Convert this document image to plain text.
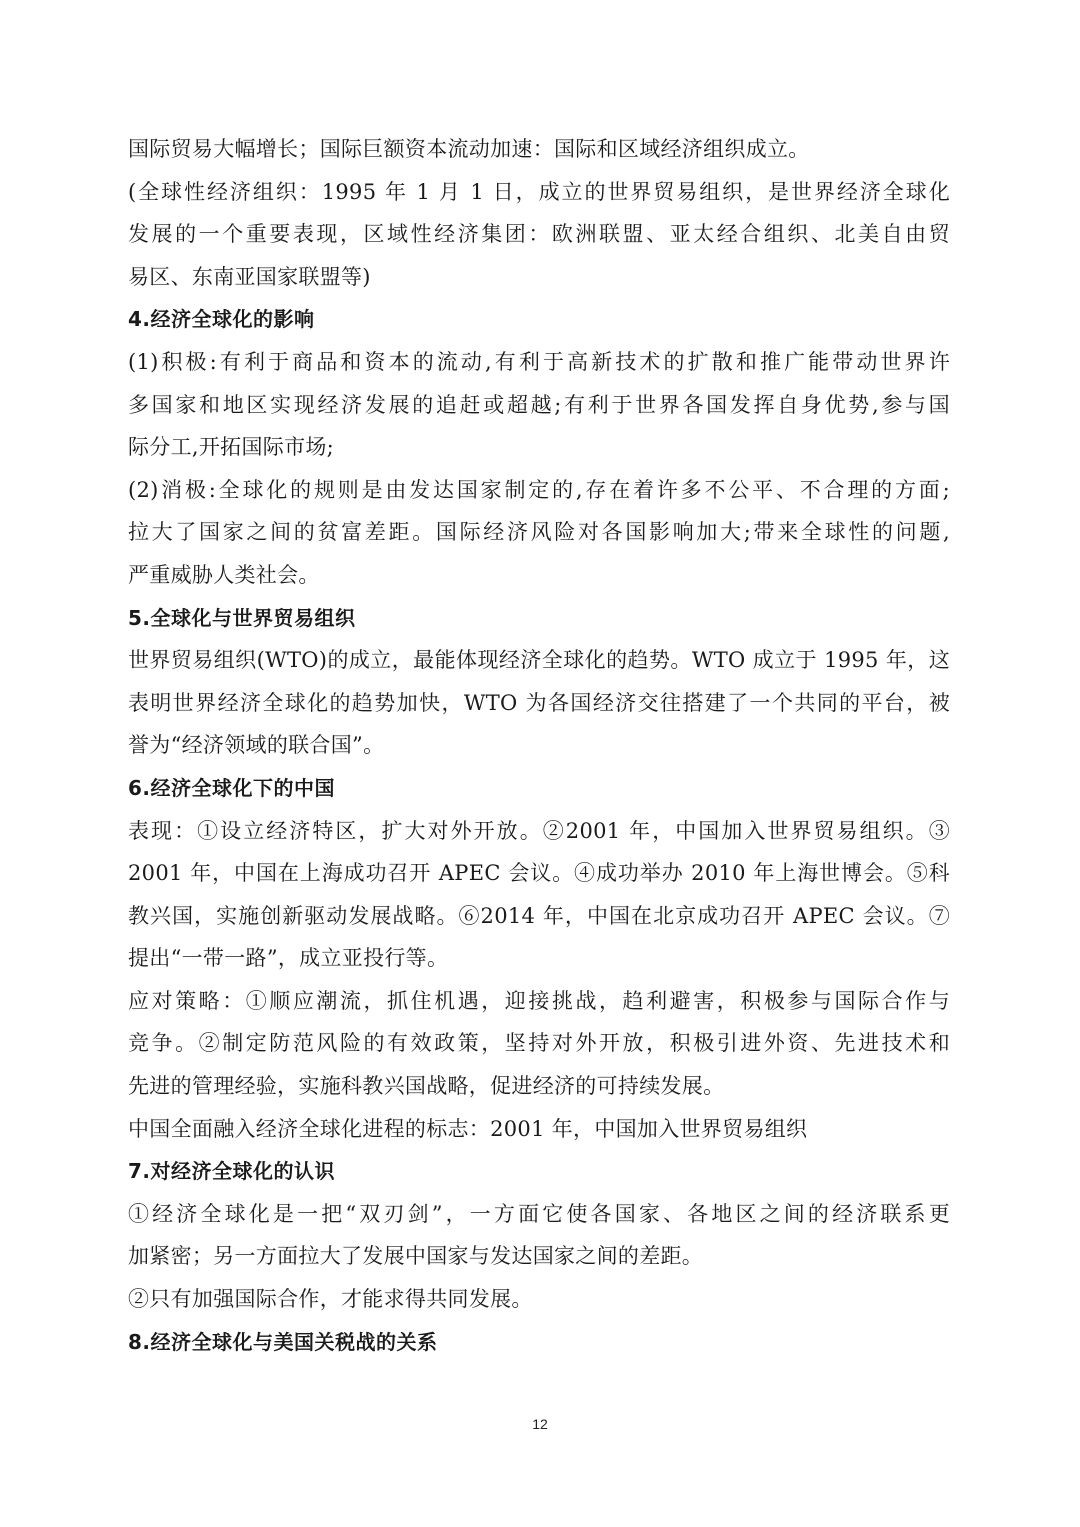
国际贸易大幅增长；国际巨额资本流动加速：国际和区域经济组织成立。
(全球性经济组织：1995 年 1 月 1 日，成立的世界贸易组织，是世界经济全球化
发展的一个重要表现，区域性经济集团：欧洲联盟、亚太经合组织、北美自由贸
易区、东南亚国家联盟等)
4.经济全球化的影响
(1)积极:有利于商品和资本的流动,有利于高新技术的扩散和推广能带动世界许
多国家和地区实现经济发展的追赶或超越;有利于世界各国发挥自身优势,参与国
际分工,开拓国际市场;
(2)消极:全球化的规则是由发达国家制定的,存在着许多不公平、不合理的方面;
拉大了国家之间的贫富差距。国际经济风险对各国影响加大;带来全球性的问题,
严重威胁人类社会。
5.全球化与世界贸易组织
世界贸易组织(WTO)的成立，最能体现经济全球化的趋势。WTO 成立于 1995 年，这
表明世界经济全球化的趋势加快，WTO 为各国经济交往搭建了一个共同的平台，被
誉为“经济领域的联合国”。
6.经济全球化下的中国
表现：①设立经济特区，扩大对外开放。②2001 年，中国加入世界贸易组织。③
2001 年，中国在上海成功召开 APEC 会议。④成功举办 2010 年上海世博会。⑤科
教兴国，实施创新驱动发展战略。⑥2014 年，中国在北京成功召开 APEC 会议。⑦
提出“一带一路”，成立亚投行等。
应对策略：①顺应潮流，抓住机遇，迎接挑战，趋利避害，积极参与国际合作与
竞争。②制定防范风险的有效政策，坚持对外开放，积极引进外资、先进技术和
先进的管理经验，实施科教兴国战略，促进经济的可持续发展。
中国全面融入经济全球化进程的标志：2001 年，中国加入世界贸易组织
7.对经济全球化的认识
①经济全球化是一把“双刃剑”，一方面它使各国家、各地区之间的经济联系更
加紧密；另一方面拉大了发展中国家与发达国家之间的差距。
②只有加强国际合作，才能求得共同发展。
8.经济全球化与美国关税战的关系
12
